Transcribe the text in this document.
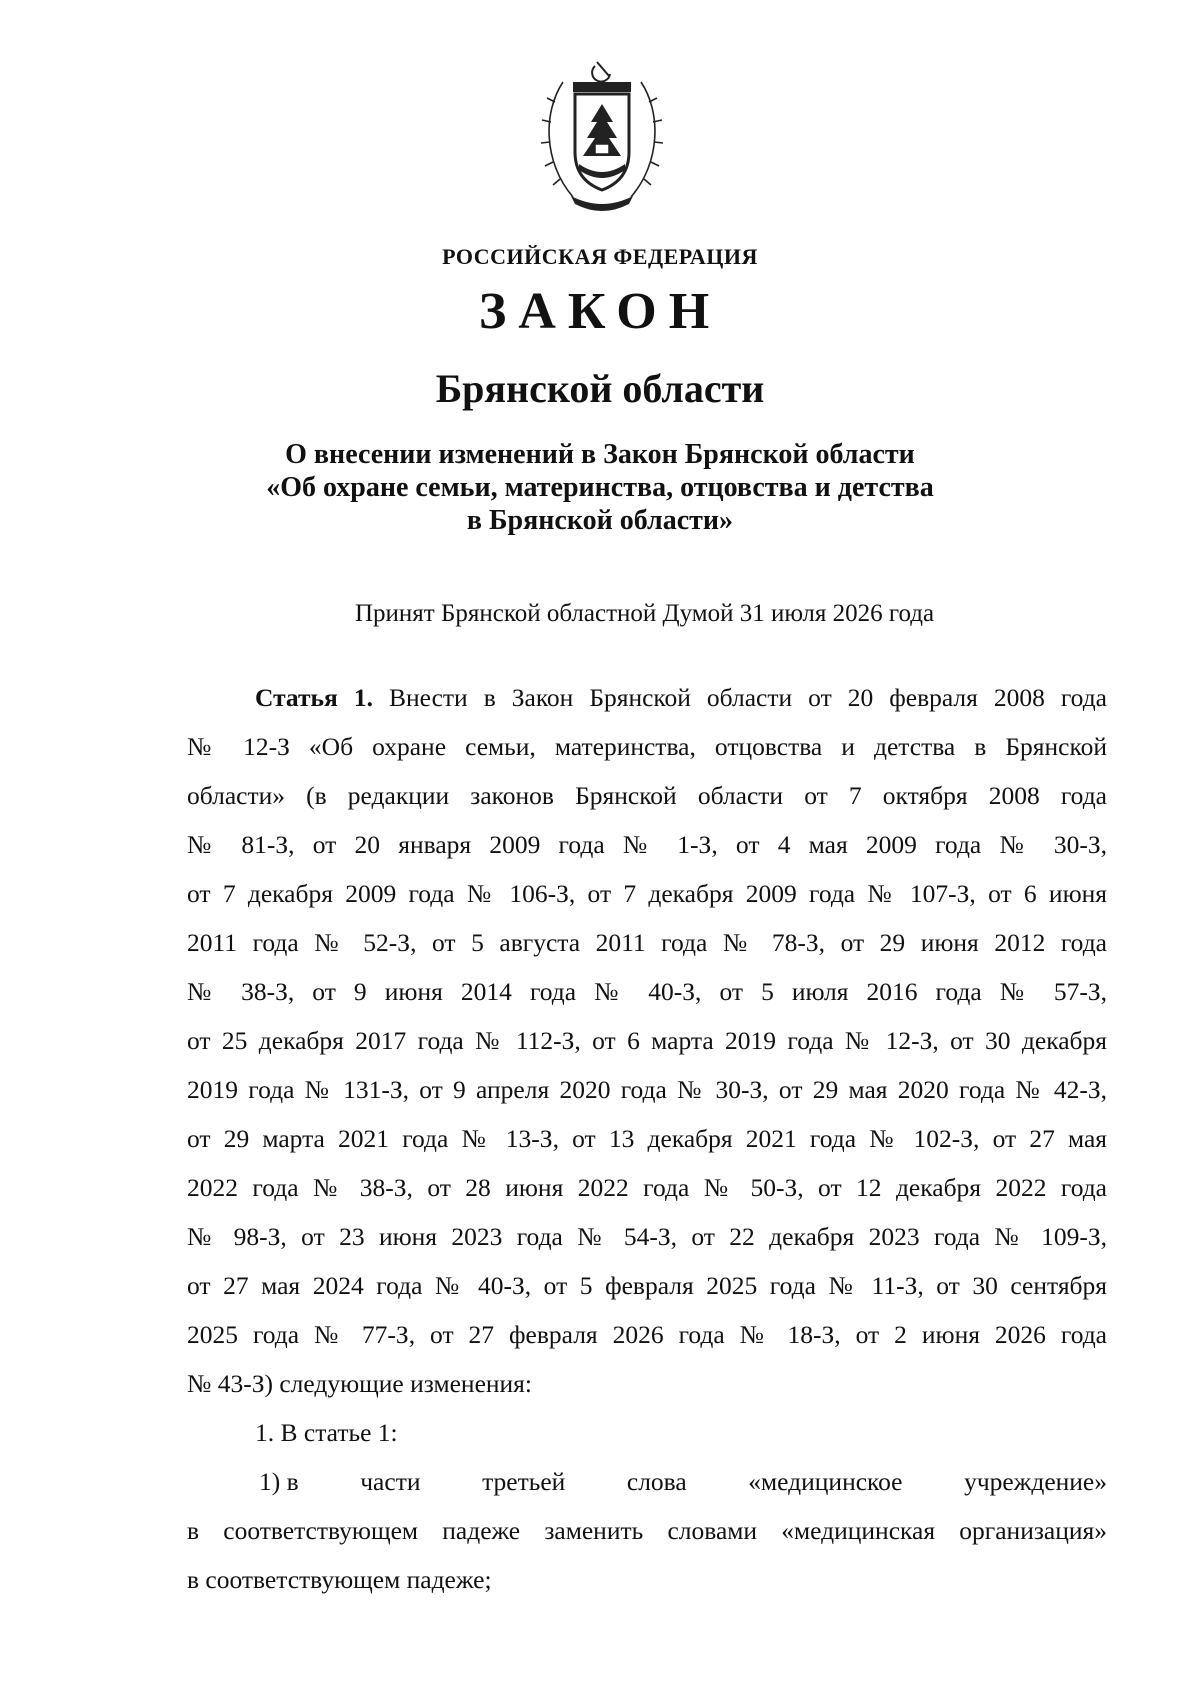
РОССИЙСКАЯ ФЕДЕРАЦИЯ
ЗАКОН
Брянской области
О внесении изменений в Закон Брянской области
«Об охране семьи, материнства, отцовства и детства
в Брянской области»
Принят Брянской областной Думой 31 июля 2026 года
Статья 1. Внести в Закон Брянской области от 20 февраля 2008 года
№ 12-З «Об охране семьи, материнства, отцовства и детства в Брянской
области» (в редакции законов Брянской области от 7 октября 2008 года
№ 81-З, от 20 января 2009 года № 1-З, от 4 мая 2009 года № 30-З,
от 7 декабря 2009 года № 106-З, от 7 декабря 2009 года № 107-З, от 6 июня
2011 года № 52-З, от 5 августа 2011 года № 78-З, от 29 июня 2012 года
№ 38-З, от 9 июня 2014 года № 40-З, от 5 июля 2016 года № 57-З,
от 25 декабря 2017 года № 112-З, от 6 марта 2019 года № 12-З, от 30 декабря
2019 года № 131-З, от 9 апреля 2020 года № 30-З, от 29 мая 2020 года № 42-З,
от 29 марта 2021 года № 13-З, от 13 декабря 2021 года № 102-З, от 27 мая
2022 года № 38-З, от 28 июня 2022 года № 50-З, от 12 декабря 2022 года
№ 98-З, от 23 июня 2023 года № 54-З, от 22 декабря 2023 года № 109-З,
от 27 мая 2024 года № 40-З, от 5 февраля 2025 года № 11-З, от 30 сентября
2025 года № 77-З, от 27 февраля 2026 года № 18-З, от 2 июня 2026 года
№ 43-З) следующие изменения:
1. В статье 1:
1) в части третьей слова «медицинское учреждение»
в соответствующем падеже заменить словами «медицинская организация»
в соответствующем падеже;
